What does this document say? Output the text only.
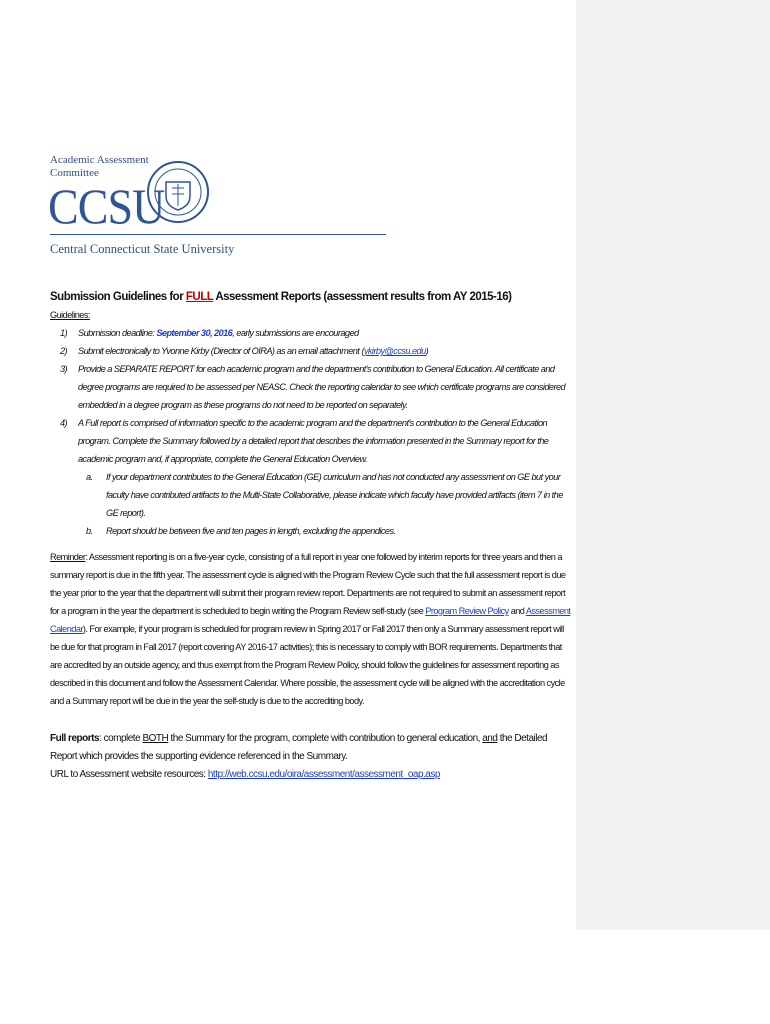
Academic Assessment
Committee
CCSU
Central Connecticut State University
Submission Guidelines for FULL Assessment Reports (assessment results from AY 2015-16)
Guidelines:
1) Submission deadline: September 30, 2016, early submissions are encouraged
2) Submit electronically to Yvonne Kirby (Director of OIRA) as an email attachment (ykirby@ccsu.edu)
3) Provide a SEPARATE REPORT for each academic program and the department's contribution to General Education. All certificate and degree programs are required to be assessed per NEASC. Check the reporting calendar to see which certificate programs are considered embedded in a degree program as these programs do not need to be reported on separately.
4) A Full report is comprised of information specific to the academic program and the department's contribution to the General Education program. Complete the Summary followed by a detailed report that describes the information presented in the Summary report for the academic program and, if appropriate, complete the General Education Overview.
a. If your department contributes to the General Education (GE) curriculum and has not conducted any assessment on GE but your faculty have contributed artifacts to the Multi-State Collaborative, please indicate which faculty have provided artifacts (item 7 in the GE report).
b. Report should be between five and ten pages in length, excluding the appendices.
Reminder: Assessment reporting is on a five-year cycle, consisting of a full report in year one followed by interim reports for three years and then a summary report is due in the fifth year. The assessment cycle is aligned with the Program Review Cycle such that the full assessment report is due the year prior to the year that the department will submit their program review report. Departments are not required to submit an assessment report for a program in the year the department is scheduled to begin writing the Program Review self-study (see Program Review Policy and Assessment Calendar). For example, if your program is scheduled for program review in Spring 2017 or Fall 2017 then only a Summary assessment report will be due for that program in Fall 2017 (report covering AY 2016-17 activities); this is necessary to comply with BOR requirements. Departments that are accredited by an outside agency, and thus exempt from the Program Review Policy, should follow the guidelines for assessment reporting as described in this document and follow the Assessment Calendar. Where possible, the assessment cycle will be aligned with the accreditation cycle and a Summary report will be due in the year the self-study is due to the accrediting body.
Full reports: complete BOTH the Summary for the program, complete with contribution to general education, and the Detailed Report which provides the supporting evidence referenced in the Summary.
URL to Assessment website resources: http://web.ccsu.edu/oira/assessment/assessment_oap.asp
